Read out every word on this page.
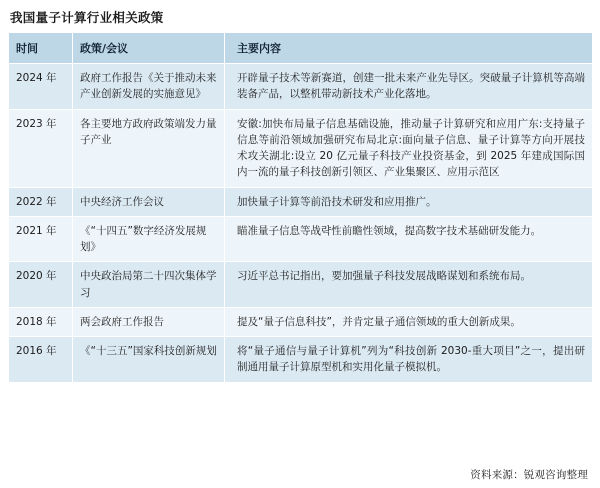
我国量子计算行业相关政策
时间	政策/会议	主要内容
2024 年	政府工作报告《关于推动未来产业创新发展的实施意见》	开辟量子技术等新赛道，创建一批未来产业先导区。突破量子计算机等高端装备产品，以整机带动新技术产业化落地。
2023 年	各主要地方政府政策端发力量子产业	安徽:加快布局量子信息基础设施，推动量子计算研究和应用广东:支持量子信息等前沿领域加强研究布局北京:面向量子信息、量子计算等方向开展技术攻关湖北:设立 20 亿元量子科技产业投资基金，到 2025 年建成国际国内一流的量子科技创新引领区、产业集聚区、应用示范区
2022 年	中央经济工作会议	加快量子计算等前沿技术研发和应用推广。
2021 年	《“十四五”数字经济发展规划》	瞄准量子信息等战략性前瞻性领域，提高数字技术基础研发能力。
2020 年	中央政治局第二十四次集体学习	习近平总书记指出，要加强量子科技发展战略谋划和系统布局。
2018 年	两会政府工作报告	提及“量子信息科技”，并肯定量子通信领域的重大创新成果。
2016 年	《“十三五”国家科技创新规划	将“量子通信与量子计算机”列为“科技创新 2030-重大项目”之一，提出研制通用量子计算原型机和实用化量子模拟机。
资料来源：锐观咨询整理
